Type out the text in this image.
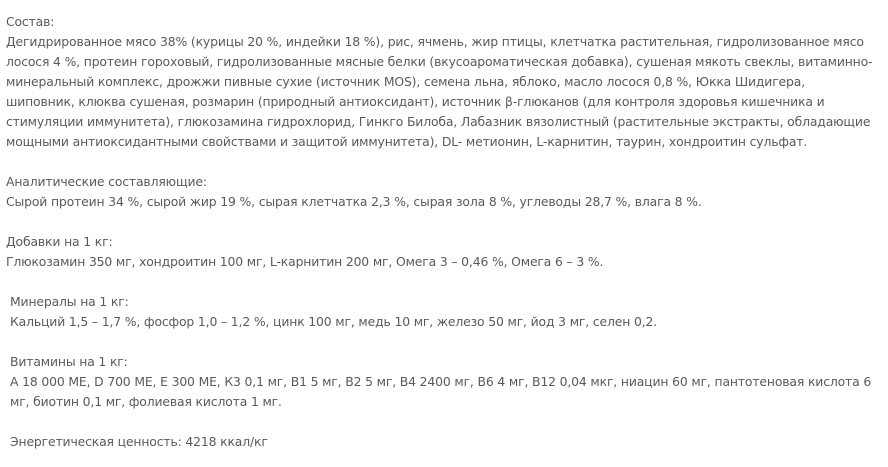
Состав:
Дегидрированное мясо 38% (курицы 20 %, индейки 18 %), рис, ячмень, жир птицы, клетчатка растительная, гидролизованное мясо лосося 4 %, протеин гороховый, гидролизованные мясные белки (вкусоароматическая добавка), сушеная мякоть свеклы, витаминно-минеральный комплекс, дрожжи пивные сухие (источник MOS), семена льна, яблоко, масло лосося 0,8 %, Юкка Шидигера, шиповник, клюква сушеная, розмарин (природный антиоксидант), источник β-глюканов (для контроля здоровья кишечника и стимуляции иммунитета), глюкозамина гидрохлорид, Гинкго Билоба, Лабазник вязолистный (растительные экстракты, обладающие мощными антиоксидантными свойствами и защитой иммунитета), DL- метионин, L-карнитин, таурин, хондроитин сульфат.
Аналитические составляющие:
Сырой протеин 34 %, сырой жир 19 %, сырая клетчатка 2,3 %, сырая зола 8 %, углеводы 28,7 %, влага 8 %.
Добавки на 1 кг:
Глюкозамин 350 мг, хондроитин 100 мг, L-карнитин 200 мг, Омега 3 – 0,46 %, Омега 6 – 3 %.
Минералы на 1 кг:
Кальций 1,5 – 1,7 %, фосфор 1,0 – 1,2 %, цинк 100 мг, медь 10 мг, железо 50 мг, йод 3 мг, селен 0,2.
Витамины на 1 кг:
A 18 000 МЕ, D 700 МЕ, Е 300 МЕ, К3 0,1 мг, В1 5 мг, В2 5 мг, В4 2400 мг, В6 4 мг, В12 0,04 мкг, ниацин 60 мг, пантотеновая кислота 6 мг, биотин 0,1 мг, фолиевая кислота 1 мг.
Энергетическая ценность: 4218 ккал/кг
